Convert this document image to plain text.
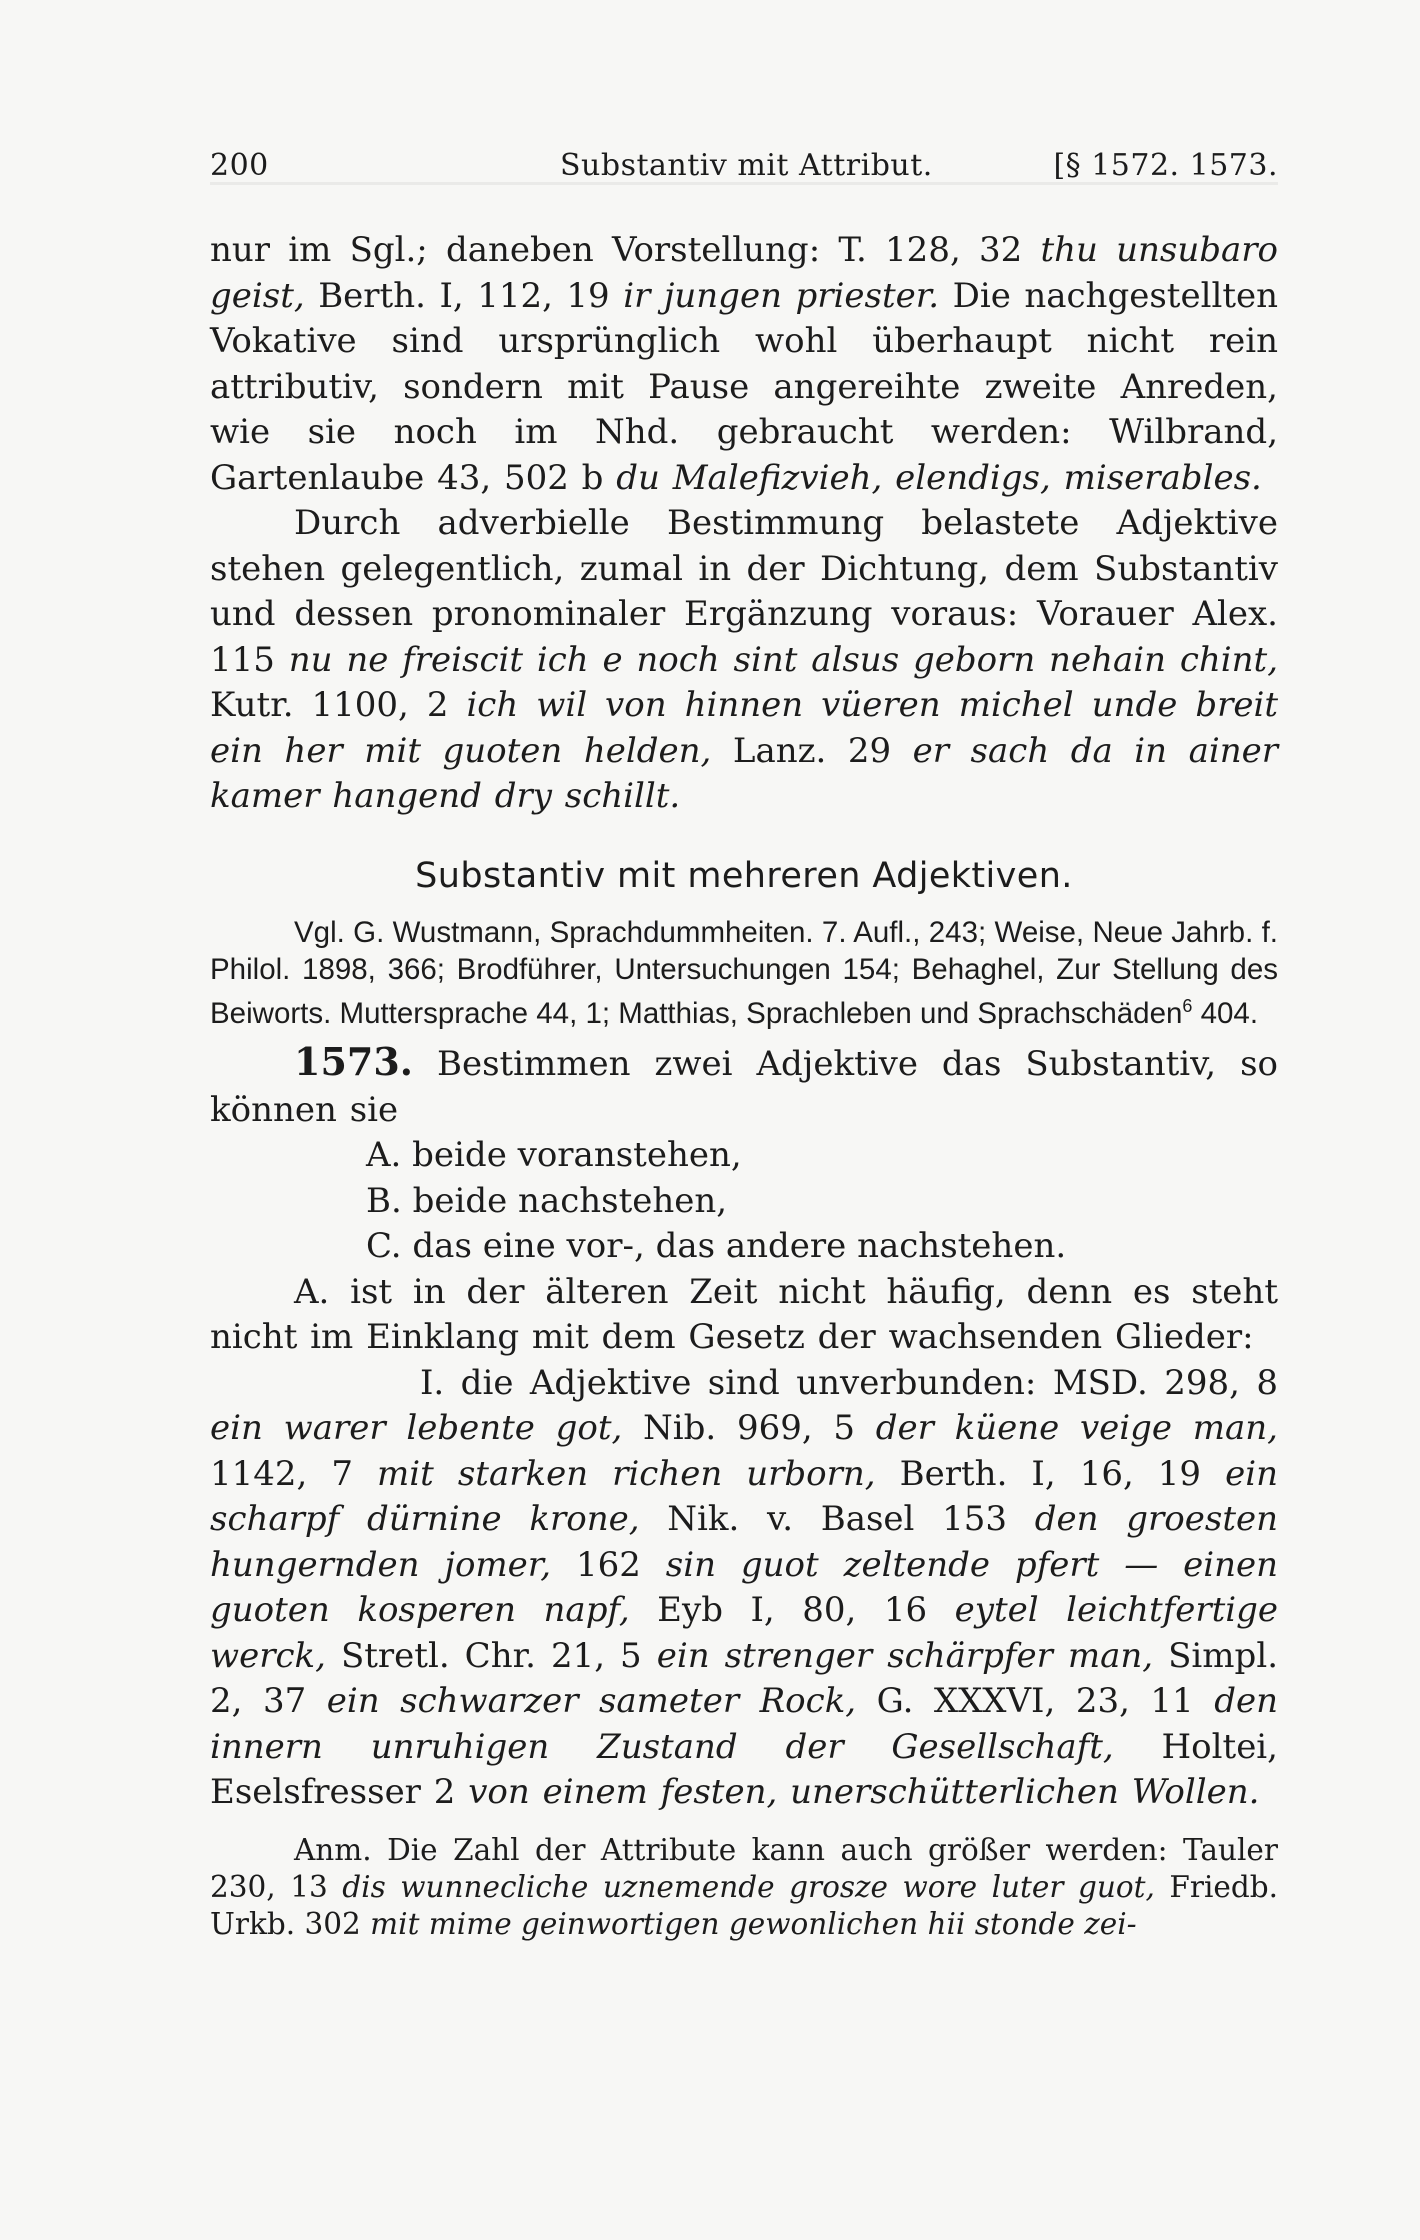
200	Substantiv mit Attribut.	[§ 1572. 1573.

nur im Sgl.; daneben Vorstellung: T. 128, 32 thu unsubaro geist, Berth. I, 112, 19 ir jungen priester. Die nachgestellten Vokative sind ursprünglich wohl überhaupt nicht rein attributiv, sondern mit Pause angereihte zweite Anreden, wie sie noch im Nhd. gebraucht werden: Wilbrand, Gartenlaube 43, 502 b du Malefizvieh, elendigs, miserables.

Durch adverbielle Bestimmung belastete Adjektive stehen gelegentlich, zumal in der Dichtung, dem Substantiv und dessen pronominaler Ergänzung voraus: Vorauer Alex. 115 nu ne freiscit ich e noch sint alsus geborn nehain chint, Kutr. 1100, 2 ich wil von hinnen vüeren michel unde breit ein her mit guoten helden, Lanz. 29 er sach da in ainer kamer hangend dry schillt.

Substantiv mit mehreren Adjektiven.

Vgl. G. Wustmann, Sprachdummheiten. 7. Aufl., 243; Weise, Neue Jahrb. f. Philol. 1898, 366; Brodführer, Untersuchungen 154; Behaghel, Zur Stellung des Beiworts. Muttersprache 44, 1; Matthias, Sprachleben und Sprachschäden$^6$ 404.

1573. Bestimmen zwei Adjektive das Substantiv, so können sie

A. beide voranstehen,

B. beide nachstehen,

C. das eine vor-, das andere nachstehen.

A. ist in der älteren Zeit nicht häufig, denn es steht nicht im Einklang mit dem Gesetz der wachsenden Glieder:

I. die Adjektive sind unverbunden: MSD. 298, 8 ein warer lebente got, Nib. 969, 5 der küene veige man, 1142, 7 mit starken richen urborn, Berth. I, 16, 19 ein scharpf dürnine krone, Nik. v. Basel 153 den groesten hungernden jomer, 162 sin guot zeltende pfert — einen guoten kosperen napf, Eyb I, 80, 16 eytel leichtfertige werck, Stretl. Chr. 21, 5 ein strenger schärpfer man, Simpl. 2, 37 ein schwarzer sameter Rock, G. XXXVI, 23, 11 den innern unruhigen Zustand der Gesellschaft, Holtei, Eselsfresser 2 von einem festen, unerschütterlichen Wollen.

Anm. Die Zahl der Attribute kann auch größer werden: Tauler 230, 13 dis wunnecliche uznemende grosze wore luter guot, Friedb. Urkb. 302 mit mime geinwortigen gewonlichen hii stonde zei-
